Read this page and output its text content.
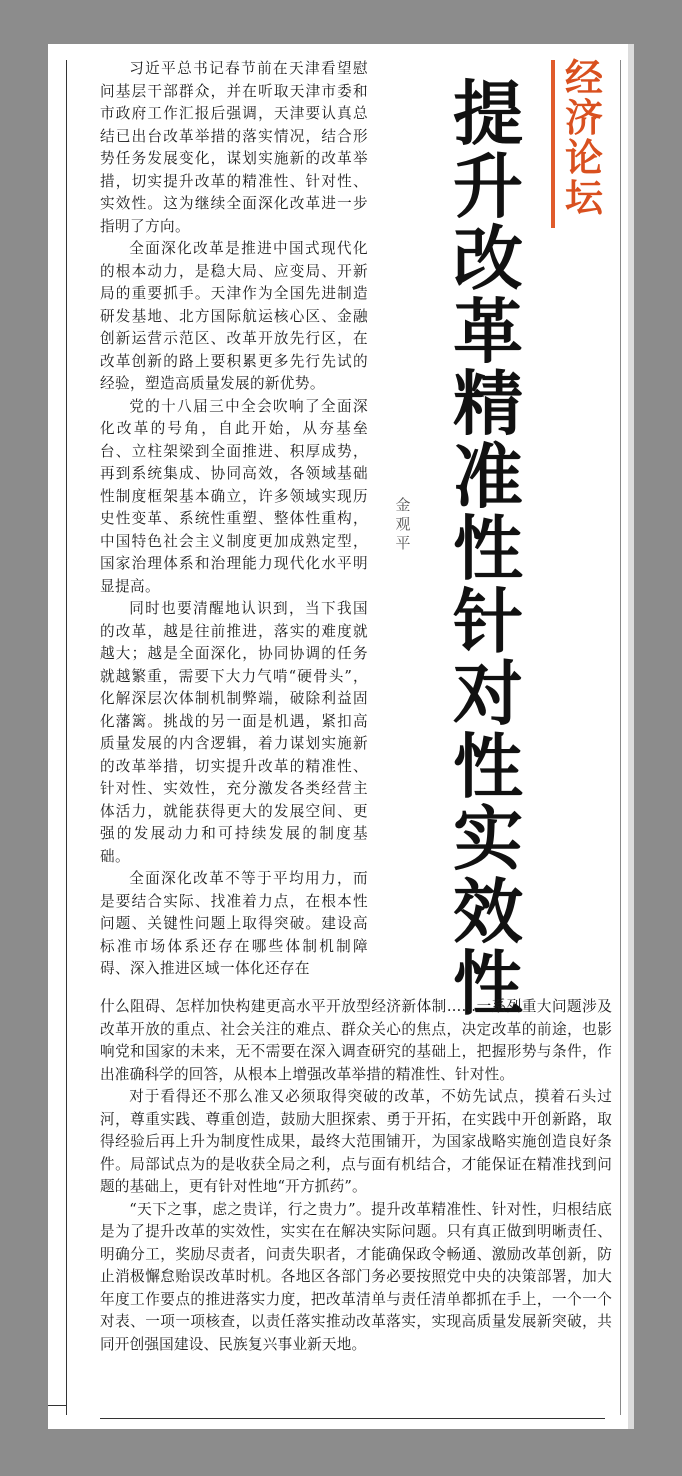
经济论坛
提升改革精准性针对性实效性
金观平

习近平总书记春节前在天津看望慰问基层干部群众，并在听取天津市委和市政府工作汇报后强调，天津要认真总结已出台改革举措的落实情况，结合形势任务发展变化，谋划实施新的改革举措，切实提升改革的精准性、针对性、实效性。这为继续全面深化改革进一步指明了方向。

全面深化改革是推进中国式现代化的根本动力，是稳大局、应变局、开新局的重要抓手。天津作为全国先进制造研发基地、北方国际航运核心区、金融创新运营示范区、改革开放先行区，在改革创新的路上要积累更多先行先试的经验，塑造高质量发展的新优势。

党的十八届三中全会吹响了全面深化改革的号角，自此开始，从夯基垒台、立柱架梁到全面推进、积厚成势，再到系统集成、协同高效，各领域基础性制度框架基本确立，许多领域实现历史性变革、系统性重塑、整体性重构，中国特色社会主义制度更加成熟定型，国家治理体系和治理能力现代化水平明显提高。

同时也要清醒地认识到，当下我国的改革，越是往前推进，落实的难度就越大；越是全面深化，协同协调的任务就越繁重，需要下大力气啃“硬骨头”，化解深层次体制机制弊端，破除利益固化藩篱。挑战的另一面是机遇，紧扣高质量发展的内含逻辑，着力谋划实施新的改革举措，切实提升改革的精准性、针对性、实效性，充分激发各类经营主体活力，就能获得更大的发展空间、更强的发展动力和可持续发展的制度基础。

全面深化改革不等于平均用力，而是要结合实际、找准着力点，在根本性问题、关键性问题上取得突破。建设高标准市场体系还存在哪些体制机制障碍、深入推进区域一体化还存在

什么阻碍、怎样加快构建更高水平开放型经济新体制……一系列重大问题涉及改革开放的重点、社会关注的难点、群众关心的焦点，决定改革的前途，也影响党和国家的未来，无不需要在深入调查研究的基础上，把握形势与条件，作出准确科学的回答，从根本上增强改革举措的精准性、针对性。

对于看得还不那么准又必须取得突破的改革，不妨先试点，摸着石头过河，尊重实践、尊重创造，鼓励大胆探索、勇于开拓，在实践中开创新路，取得经验后再上升为制度性成果，最终大范围铺开，为国家战略实施创造良好条件。局部试点为的是收获全局之利，点与面有机结合，才能保证在精准找到问题的基础上，更有针对性地“开方抓药”。

“天下之事，虑之贵详，行之贵力”。提升改革精准性、针对性，归根结底是为了提升改革的实效性，实实在在解决实际问题。只有真正做到明晰责任、明确分工，奖励尽责者，问责失职者，才能确保政令畅通、激励改革创新，防止消极懈怠贻误改革时机。各地区各部门务必要按照党中央的决策部署，加大年度工作要点的推进落实力度，把改革清单与责任清单都抓在手上，一个一个对表、一项一项核查，以责任落实推动改革落实，实现高质量发展新突破，共同开创强国建设、民族复兴事业新天地。
